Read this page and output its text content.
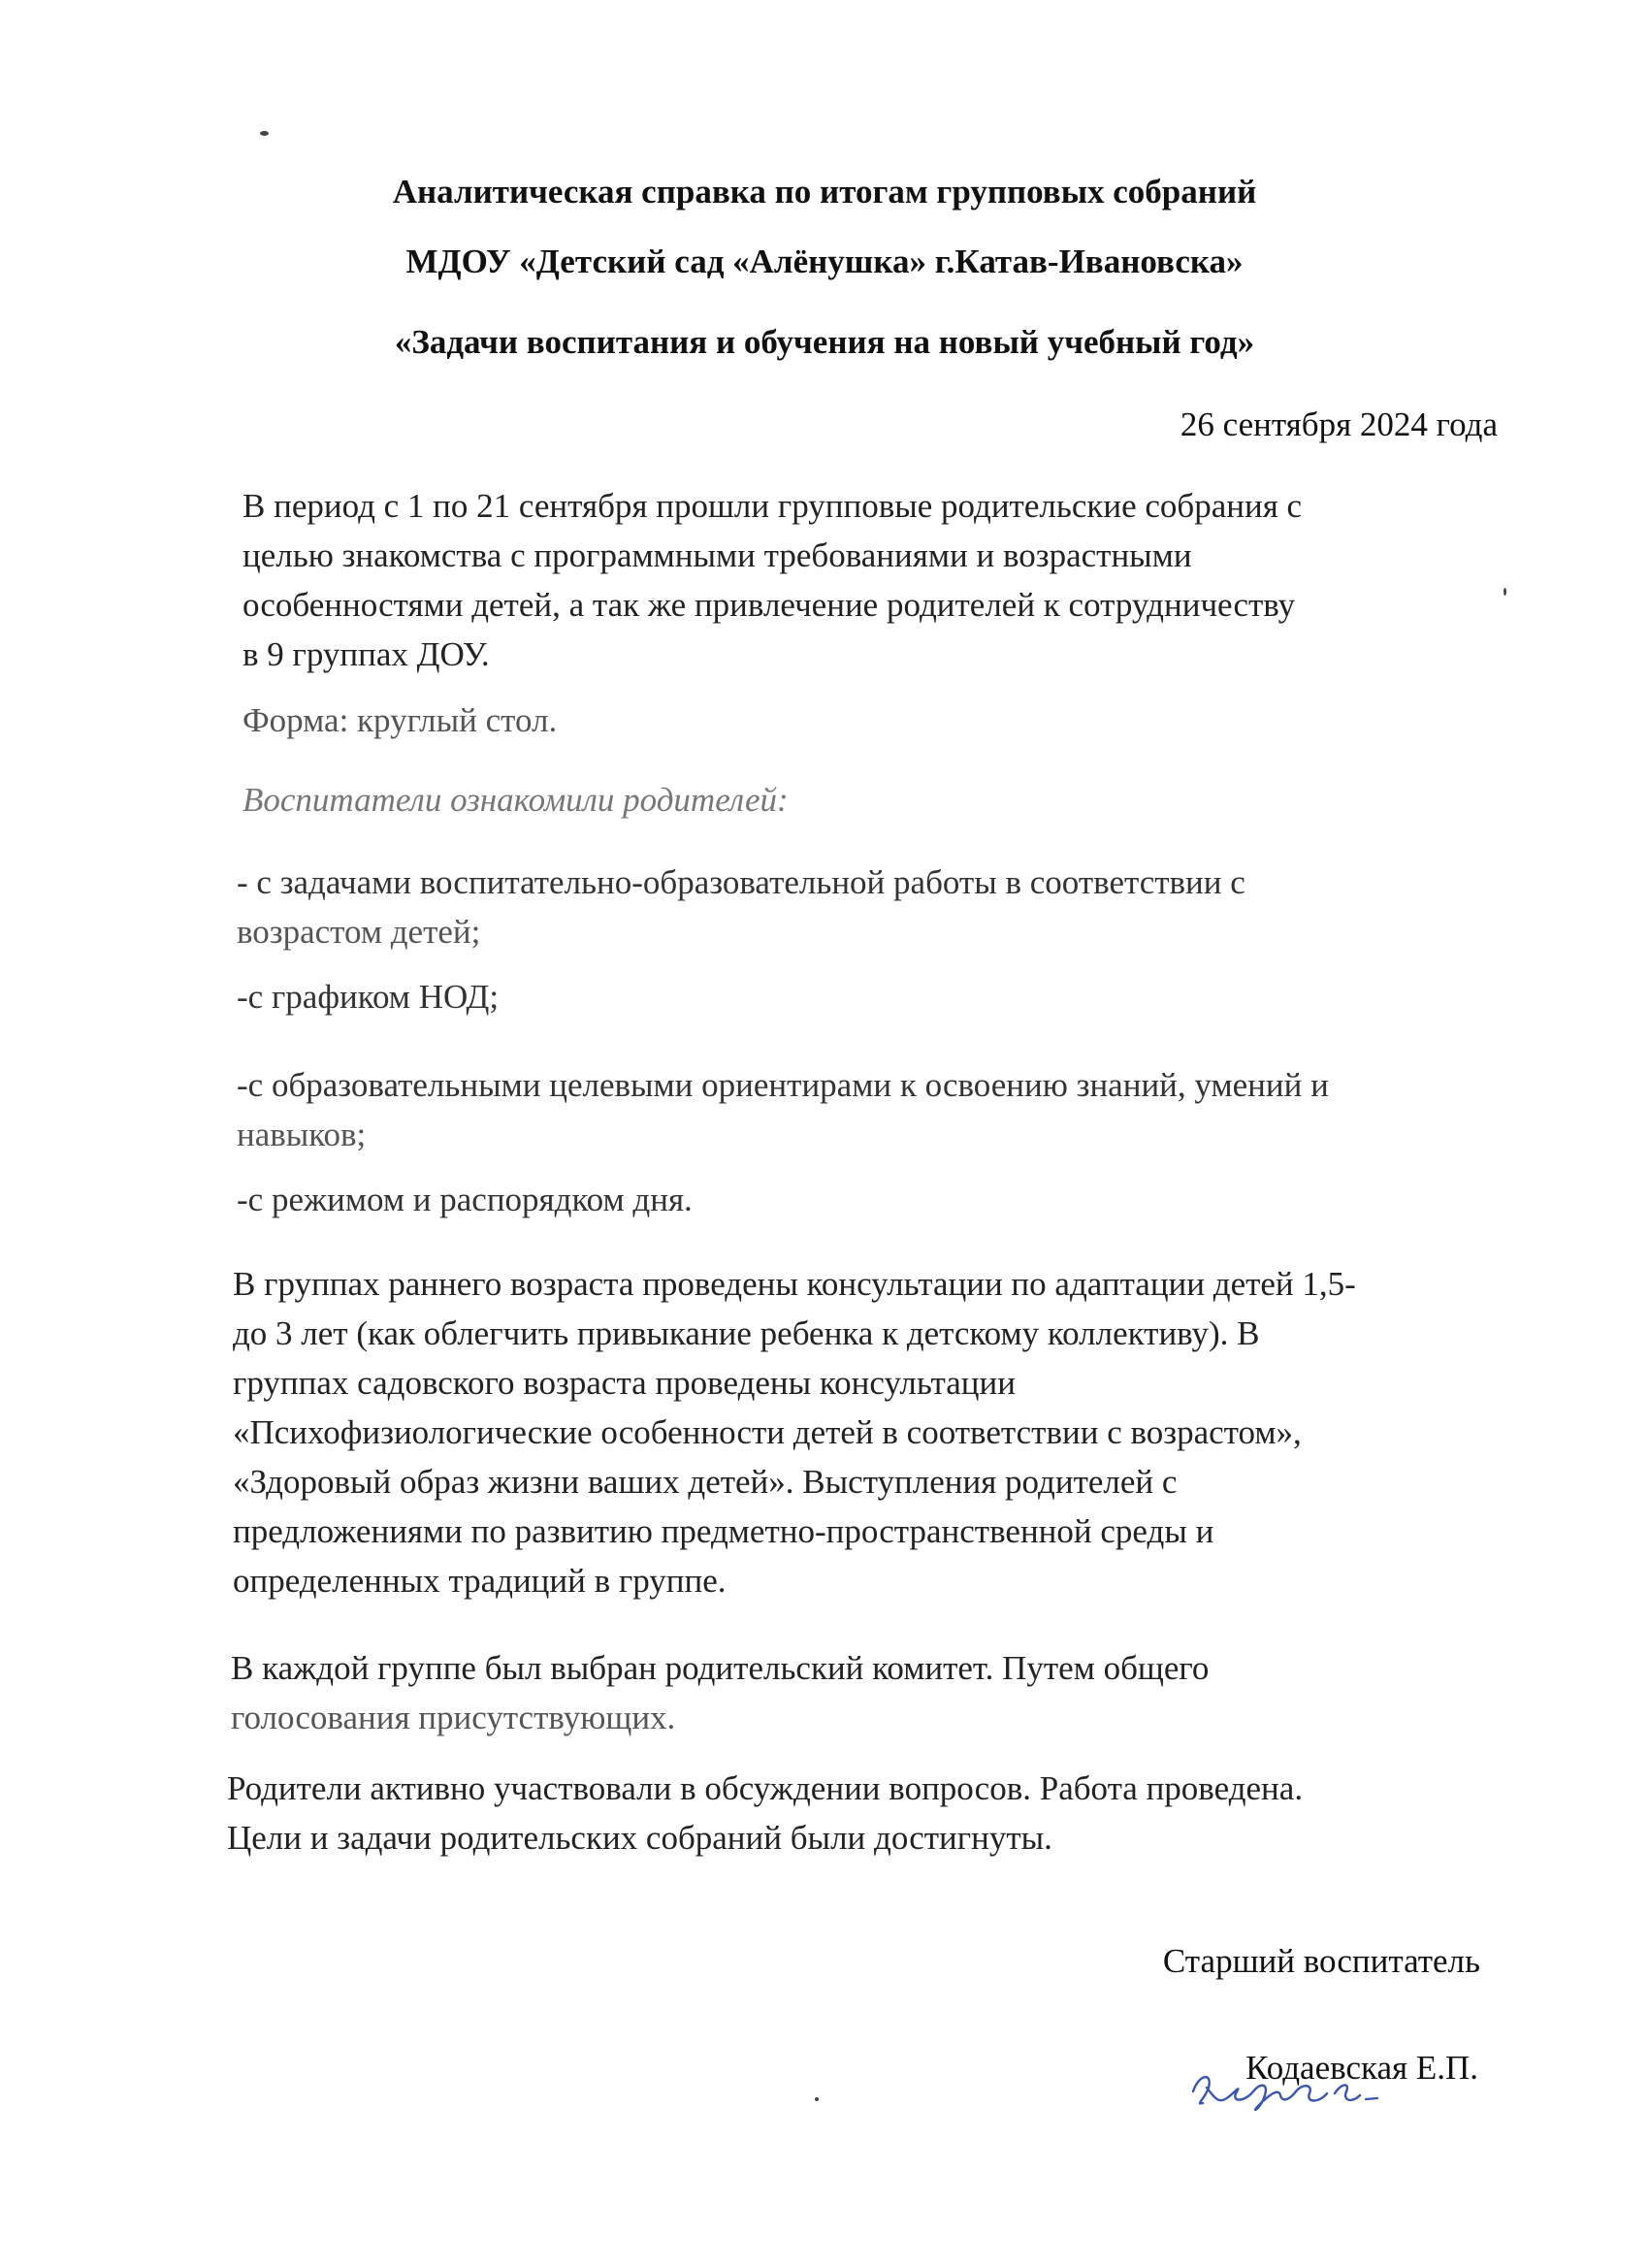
Аналитическая справка по итогам групповых собраний
МДОУ «Детский сад «Алёнушка» г.Катав-Ивановска»
«Задачи воспитания и обучения на новый учебный год»
26 сентября 2024 года
В период с 1 по 21 сентября прошли групповые родительские собрания с
целью знакомства с программными требованиями и возрастными
особенностями детей, а так же привлечение родителей к сотрудничеству
в 9 группах ДОУ.
Форма: круглый стол.
Воспитатели ознакомили родителей:
- с задачами воспитательно-образовательной работы в соответствии с
возрастом детей;
-с графиком НОД;
-с образовательными целевыми ориентирами к освоению знаний, умений и
навыков;
-с режимом и распорядком дня.
В группах раннего возраста проведены консультации по адаптации детей 1,5-
до 3 лет (как облегчить привыкание ребенка к детскому коллективу). В
группах садовского возраста проведены консультации
«Психофизиологические особенности детей в соответствии с возрастом»,
«Здоровый образ жизни ваших детей». Выступления родителей с
предложениями по развитию предметно-пространственной среды и
определенных традиций в группе.
В каждой группе был выбран родительский комитет. Путем общего
голосования присутствующих.
Родители активно участвовали в обсуждении вопросов. Работа проведена.
Цели и задачи родительских собраний были достигнуты.
Старший воспитатель
Кодаевская Е.П.
